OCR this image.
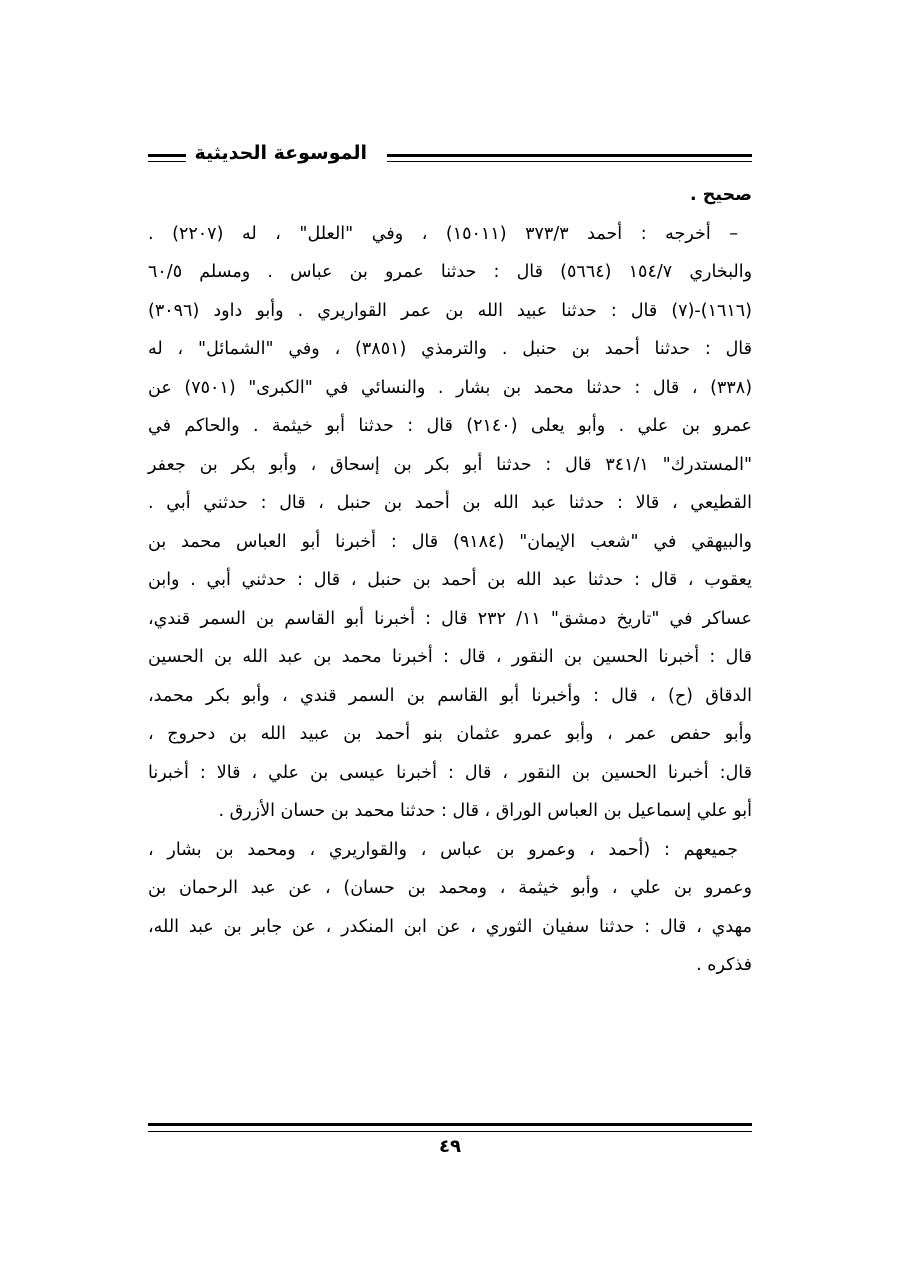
الموسوعة الحديثية
صحيح .
– أخرجه : أحمد ٣٧٣/٣ (١٥٠١١) ، وفي "العلل" ، له (٢٢٠٧) .
والبخاري ١٥٤/٧ (٥٦٦٤) قال : حدثنا عمرو بن عباس . ومسلم ٦٠/٥
(١٦١٦)-(٧) قال : حدثنا عبيد الله بن عمر القواريري . وأبو داود (٣٠٩٦)
قال : حدثنا أحمد بن حنبل . والترمذي (٣٨٥١) ، وفي "الشمائل" ، له
(٣٣٨) ، قال : حدثنا محمد بن بشار . والنسائي في "الكبرى" (٧٥٠١) عن
عمرو بن علي . وأبو يعلى (٢١٤٠) قال : حدثنا أبو خيثمة . والحاكم في
"المستدرك" ٣٤١/١ قال : حدثنا أبو بكر بن إسحاق ، وأبو بكر بن جعفر
القطيعي ، قالا : حدثنا عبد الله بن أحمد بن حنبل ، قال : حدثني أبي .
والبيهقي في "شعب الإيمان" (٩١٨٤) قال : أخبرنا أبو العباس محمد بن
يعقوب ، قال : حدثنا عبد الله بن أحمد بن حنبل ، قال : حدثني أبي . وابن
عساكر في "تاريخ دمشق" ١١/ ٢٣٢ قال : أخبرنا أبو القاسم بن السمر قندي،
قال : أخبرنا الحسين بن النقور ، قال : أخبرنا محمد بن عبد الله بن الحسين
الدقاق (ح) ، قال : وأخبرنا أبو القاسم بن السمر قندي ، وأبو بكر محمد،
وأبو حفص عمر ، وأبو عمرو عثمان بنو أحمد بن عبيد الله بن دحروج ،
قال: أخبرنا الحسين بن النقور ، قال : أخبرنا عيسى بن علي ، قالا : أخبرنا
أبو علي إسماعيل بن العباس الوراق ، قال : حدثنا محمد بن حسان الأزرق .
جميعهم : (أحمد ، وعمرو بن عباس ، والقواريري ، ومحمد بن بشار ،
وعمرو بن علي ، وأبو خيثمة ، ومحمد بن حسان) ، عن عبد الرحمان بن
مهدي ، قال : حدثنا سفيان الثوري ، عن ابن المنكدر ، عن جابر بن عبد الله،
فذكره .
٤٩
